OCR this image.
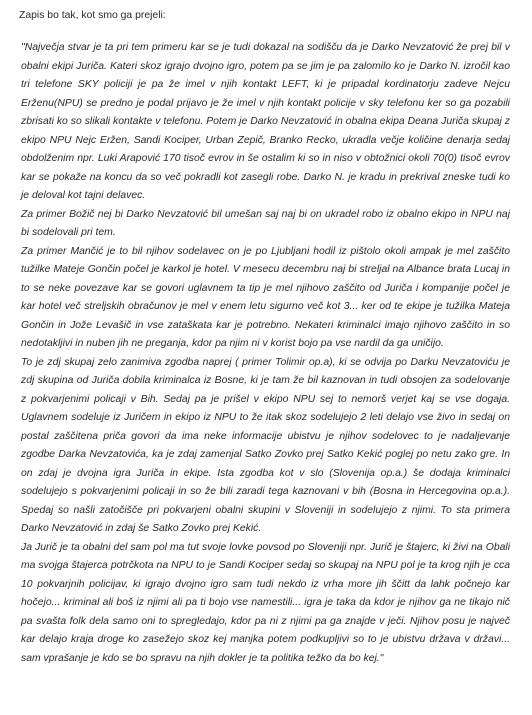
Zapis bo tak, kot smo ga prejeli:

"Največja stvar je ta pri tem primeru kar se je tudi dokazal na sodišču da je Darko Nevzatović že prej bil v obalni ekipi Juriča. Kateri skoz igrajo dvojno igro, potem pa se jim je pa zalomilo ko je Darko N. izročil kao tri telefone SKY policiji je pa že imel v njih kontakt LEFT, ki je pripadal kordinatorju zadeve Nejcu Erženu(NPU) se predno je podal prijavo je že imel v njih kontakt policije v sky telefonu ker so ga pozabili zbrisati ko so slikali kontakte v telefonu. Potem je Darko Nevzatović in obalna ekipa Deana Juriča skupaj z ekipo NPU Nejc Eržen, Sandi Kociper, Urban Zepič, Branko Recko, ukradla večje količine denarja sedaj obdolženim npr. Luki Arapović 170 tisoč evrov in še ostalim ki so in niso v obtožnici okoli 70(0) tisoč evrov kar se pokaže na koncu da so več pokradli kot zasegli robe. Darko N. je kradu in prekrival zneske tudi ko je deloval kot tajni delavec.

Za primer Božič nej bi Darko Nevzatović bil umešan saj naj bi on ukradel robo iz obalno ekipo in NPU naj bi sodelovali pri tem.

Za primer Mančić je to bil njihov sodelavec on je po Ljubljani hodil iz pištolo okoli ampak je mel zaščito tužilke Mateje Gončin počel je karkol je hotel. V mesecu decembru naj bi streljal na Albance brata Lucaj in to se neke povezave kar se govori uglavnem ta tip je mel njihovo zaščito od Juriča i kompanije počel je kar hotel več streljskih obračunov je mel v enem letu sigurno več kot 3... ker od te ekipe je tužilka Mateja Gončin in Jože Levašič in vse zataškata kar je potrebno. Nekateri kriminalci imajo njihovo zaščito in so nedotakljivi in nuben jih ne preganja, kdor pa njim ni v korist bojo pa vse nardil da ga uničijo.

To je zdj skupaj zelo zanimiva zgodba naprej ( primer Tolimir op.a), ki se odvija po Darku Nevzatoviću je zdj skupina od Juriča dobila kriminalca iz Bosne, ki je tam že bil kaznovan in tudi obsojen za sodelovanje z pokvarjenimi policaji v Bih. Sedaj pa je prišel v ekipo NPU sej to nemorš verjet kaj se vse dogaja. Uglavnem sodeluje iz Juričem in ekipo iz NPU to že itak skoz sodelujejo 2 leti delajo vse živo in sedaj on postal zaščitena priča govori da ima neke informacije ubistvu je njihov sodelovec to je nadaljevanje zgodbe Darka Nevzatovića, ka je zdaj zamenjal Satko Zovko prej Satko Kekić poglej po netu zako gre. In on zdaj je dvojna igra Juriča in ekipe. Ista zgodba kot v slo (Slovenija op.a.) še dodaja kriminalci sodelujejo s pokvarjenimi policaji in so že bili zaradi tega kaznovani v bih (Bosna in Hercegovina op.a.). Spedaj so našli zatočišče pri pokvarjeni obalni skupini v Sloveniji in sodelujejo z njimi. To sta primera Darko Nevzatović in zdaj še Satko Zovko prej Kekić.

Ja Jurič je ta obalni del sam pol ma tut svoje lovke povsod po Sloveniji npr. Jurič je štajerc, ki živi na Obali ma svojga štajerca potrčkota na NPU to je Sandi Kociper sedaj so skupaj na NPU pol je ta krog njih je cca 10 pokvarjnih policijav, ki igrajo dvojno igro sam tudi nekdo iz vrha more jih ščitt da lahk počnejo kar hočejo... kriminal ali boš iz njimi ali pa ti bojo vse namestili... igra je taka da kdor je njihov ga ne tikajo nič pa svašta folk dela samo oni to spregledajo, kdor pa ni z njimi pa ga znajde v ječi. Njihov posu je največ kar delajo kraja droge ko zasežejo skoz kej manjka potem podkupljivi so to je ubistvu država v državi... sam vprašanje je kdo se bo spravu na njih dokler je ta politika težko da bo kej."
